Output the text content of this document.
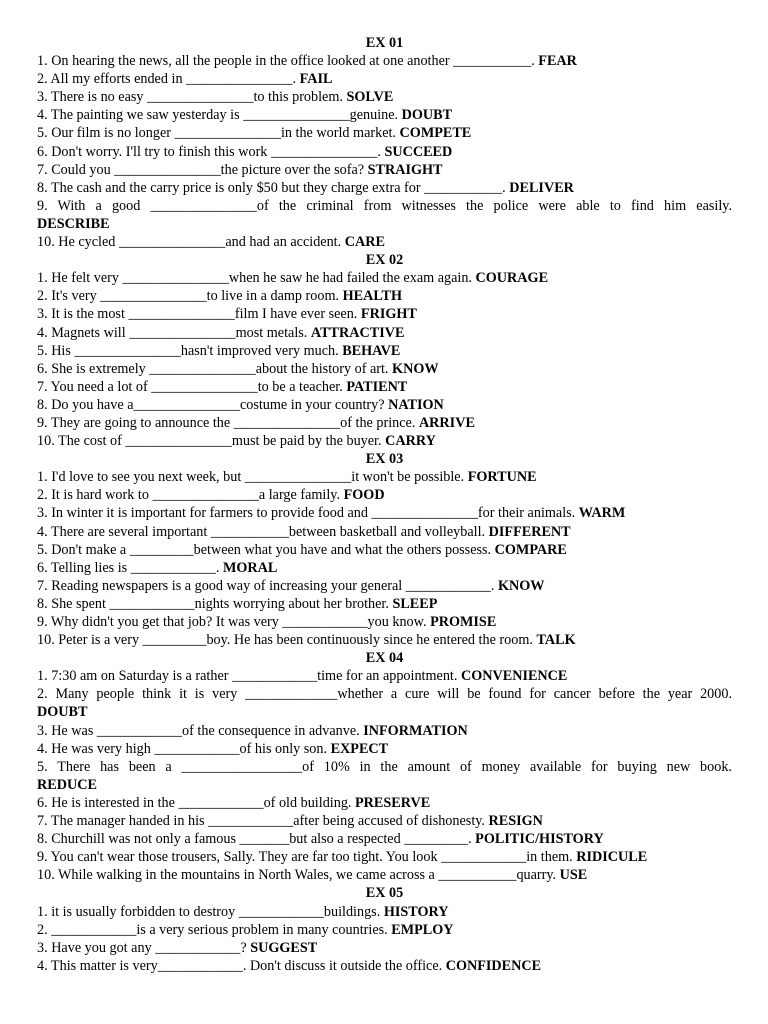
EX 01
1. On hearing the news, all the people in the office looked at one another ___________. FEAR
2. All my efforts ended in _______________. FAIL
3. There is no easy _______________to this problem. SOLVE
4. The painting we saw yesterday is _______________genuine. DOUBT
5. Our film is no longer _______________in the world market. COMPETE
6. Don't worry. I'll try to finish this work _______________. SUCCEED
7. Could you _______________the picture over the sofa? STRAIGHT
8. The cash and the carry price is only $50 but they charge extra for ___________. DELIVER
9. With a good _______________of the criminal from witnesses the police were able to find him easily.
DESCRIBE
10. He cycled _______________and had an accident. CARE
EX 02
1. He felt very _______________when he saw he had failed the exam again. COURAGE
2. It's very _______________to live in a damp room. HEALTH
3. It is the most _______________film I have ever seen. FRIGHT
4. Magnets will _______________most metals. ATTRACTIVE
5. His _______________hasn't improved very much. BEHAVE
6. She is extremely _______________about the history of art. KNOW
7. You need a lot of _______________to be a teacher. PATIENT
8. Do you have a_______________costume in your country? NATION
9. They are going to announce the _______________of the prince. ARRIVE
10. The cost of _______________must be paid by the buyer. CARRY
EX 03
1. I'd love to see you next week, but _______________it won't be possible. FORTUNE
2. It is hard work to _______________a large family. FOOD
3. In winter it is important for farmers to provide food and _______________for their animals. WARM
4. There are several important ___________between basketball and volleyball. DIFFERENT
5. Don't make a _________between what you have and what the others possess. COMPARE
6. Telling lies is ____________. MORAL
7. Reading newspapers is a good way of increasing your general ____________. KNOW
8. She spent ____________nights worrying about her brother. SLEEP
9. Why didn't you get that job? It was very ____________you know. PROMISE
10. Peter is a very _________boy. He has been continuously since he entered the room. TALK
EX 04
1. 7:30 am on Saturday is a rather ____________time for an appointment. CONVENIENCE
2. Many people think it is very _____________whether a cure will be found for cancer before the year 2000.
DOUBT
3. He was ____________of the consequence in advanve. INFORMATION
4. He was very high ____________of his only son. EXPECT
5. There has been a _________________of 10% in the amount of money available for buying new book.
REDUCE
6. He is interested in the ____________of old building. PRESERVE
7. The manager handed in his ____________after being accused of dishonesty. RESIGN
8. Churchill was not only a famous _______but also a respected _________. POLITIC/HISTORY
9. You can't wear those trousers, Sally. They are far too tight. You look ____________in them. RIDICULE
10. While walking in the mountains in North Wales, we came across a ___________quarry. USE
EX 05
1. it is usually forbidden to destroy ____________buildings. HISTORY
2. ____________is a very serious problem in many countries. EMPLOY
3. Have you got any ____________? SUGGEST
4. This matter is very____________. Don't discuss it outside the office. CONFIDENCE
